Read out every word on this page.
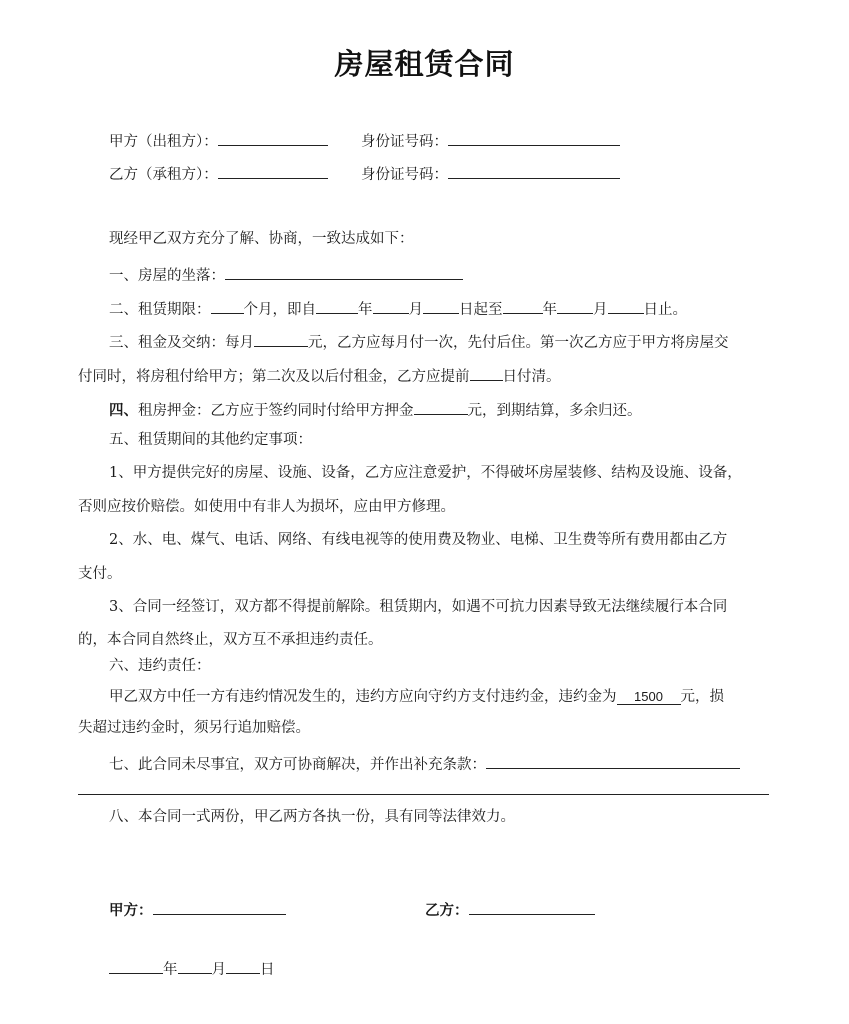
房屋租赁合同
甲方（出租方）：	身份证号码：
乙方（承租方）：	身份证号码：
现经甲乙双方充分了解、协商，一致达成如下：
一、房屋的坐落：
二、租赁期限： 个月，即自	年 月 日起至	年 月 日止。
三、租金及交纳：每月	元，乙方应每月付一次，先付后住。第一次乙方应于甲方将房屋交
付同时，将房租付给甲方；第二次及以后付租金，乙方应提前 日付清。
四、租房押金：乙方应于签约同时付给甲方押金	元，到期结算，多余归还。
五、租赁期间的其他约定事项：
1、甲方提供完好的房屋、设施、设备，乙方应注意爱护，不得破坏房屋装修、结构及设施、设备，
否则应按价赔偿。如使用中有非人为损坏，应由甲方修理。
2、水、电、煤气、电话、网络、有线电视等的使用费及物业、电梯、卫生费等所有费用都由乙方
支付。
3、合同一经签订，双方都不得提前解除。租赁期内，如遇不可抗力因素导致无法继续履行本合同
的，本合同自然终止，双方互不承担违约责任。
六、违约责任：
甲乙双方中任一方有违约情况发生的，违约方应向守约方支付违约金，违约金为 1500 元，损
失超过违约金时，须另行追加赔偿。
七、此合同未尽事宜，双方可协商解决，并作出补充条款：
八、本合同一式两份，甲乙两方各执一份，具有同等法律效力。
甲方：	乙方：
年 月 日
